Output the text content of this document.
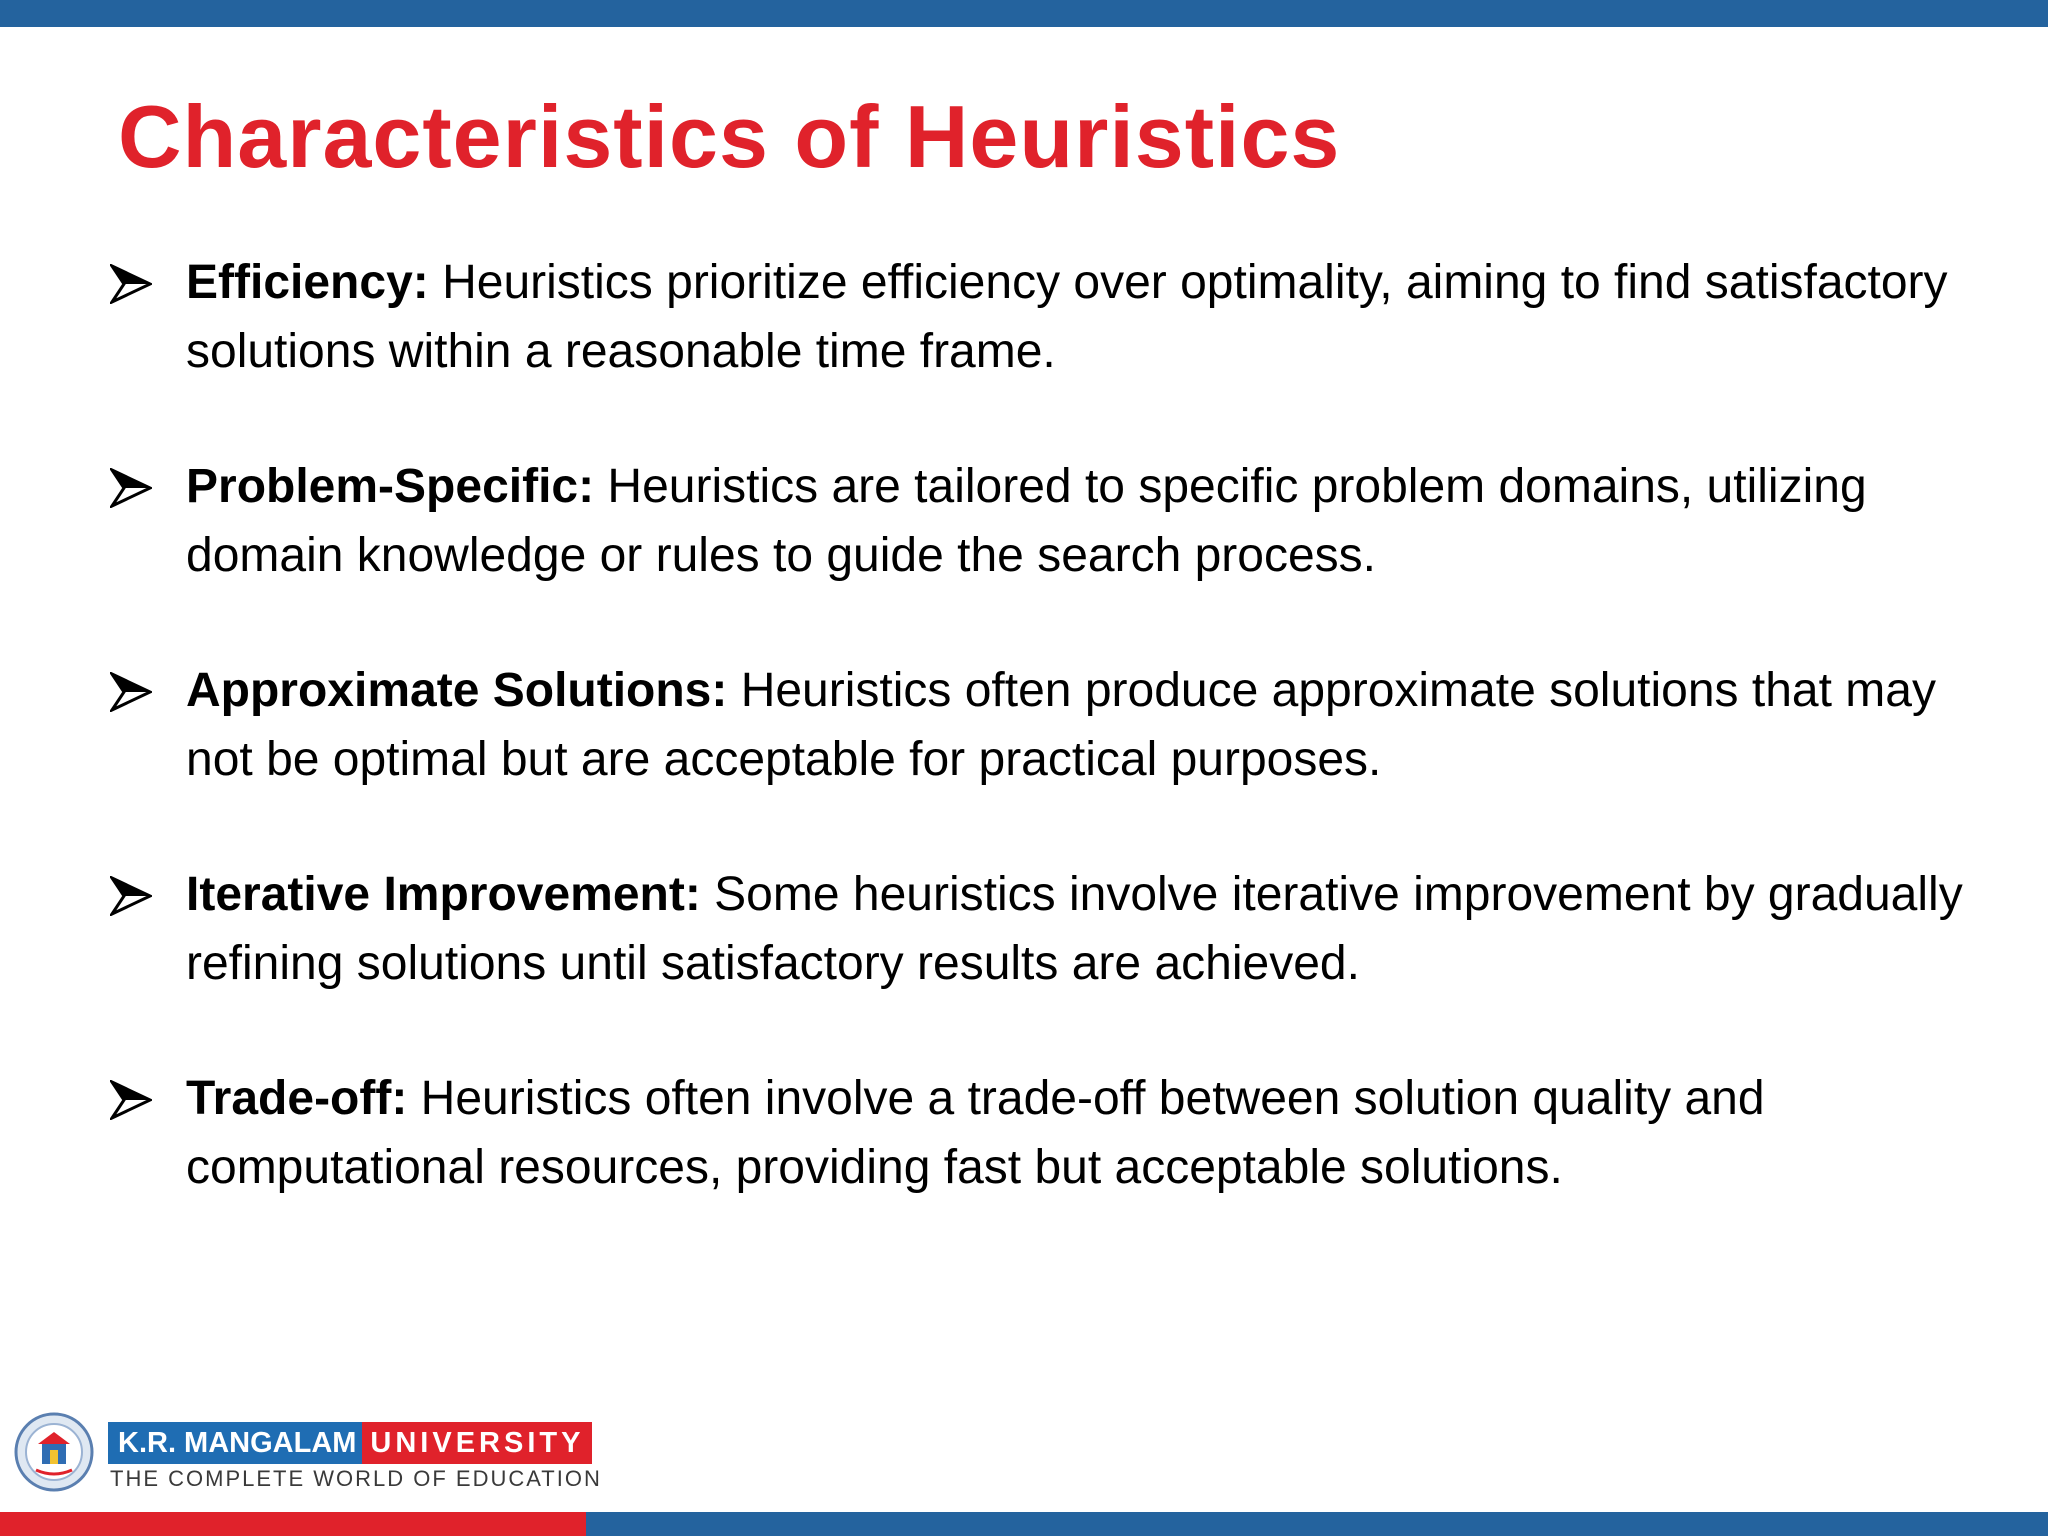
Characteristics of Heuristics
Efficiency: Heuristics prioritize efficiency over optimality, aiming to find satisfactory solutions within a reasonable time frame.
Problem-Specific: Heuristics are tailored to specific problem domains, utilizing domain knowledge or rules to guide the search process.
Approximate Solutions: Heuristics often produce approximate solutions that may not be optimal but are acceptable for practical purposes.
Iterative Improvement: Some heuristics involve iterative improvement by gradually refining solutions until satisfactory results are achieved.
Trade-off: Heuristics often involve a trade-off between solution quality and computational resources, providing fast but acceptable solutions.
K.R. MANGALAM UNIVERSITY
THE COMPLETE WORLD OF EDUCATION
